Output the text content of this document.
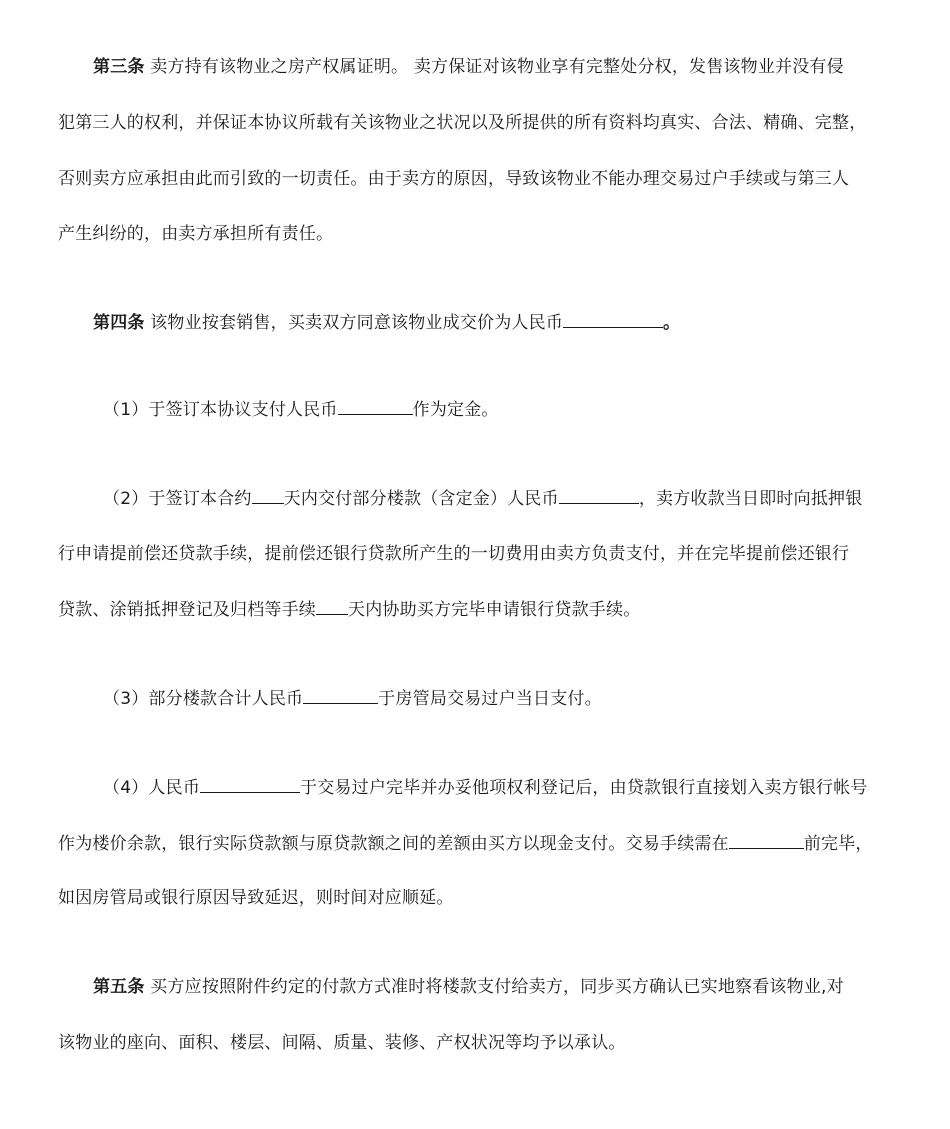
第三条 卖方持有该物业之房产权属证明。 卖方保证对该物业享有完整处分权，发售该物业并没有侵
犯第三人的权利，并保证本协议所载有关该物业之状况以及所提供的所有资料均真实、合法、精确、完整，
否则卖方应承担由此而引致的一切责任。由于卖方的原因，导致该物业不能办理交易过户手续或与第三人
产生纠纷的，由卖方承担所有责任。
第四条 该物业按套销售，买卖双方同意该物业成交价为人民币	。
（1）于签订本协议支付人民币	作为定金。
（2）于签订本合约 天内交付部分楼款（含定金）人民币	，卖方收款当日即时向抵押银
行申请提前偿还贷款手续，提前偿还银行贷款所产生的一切费用由卖方负责支付，并在完毕提前偿还银行
贷款、涂销抵押登记及归档等手续 天内协助买方完毕申请银行贷款手续。
（3）部分楼款合计人民币	于房管局交易过户当日支付。
（4）人民币	于交易过户完毕并办妥他项权利登记后，由贷款银行直接划入卖方银行帐号
作为楼价余款，银行实际贷款额与原贷款额之间的差额由买方以现金支付。交易手续需在	前完毕，
如因房管局或银行原因导致延迟，则时间对应顺延。
第五条 买方应按照附件约定的付款方式准时将楼款支付给卖方，同步买方确认已实地察看该物业,对
该物业的座向、面积、楼层、间隔、质量、装修、产权状况等均予以承认。
